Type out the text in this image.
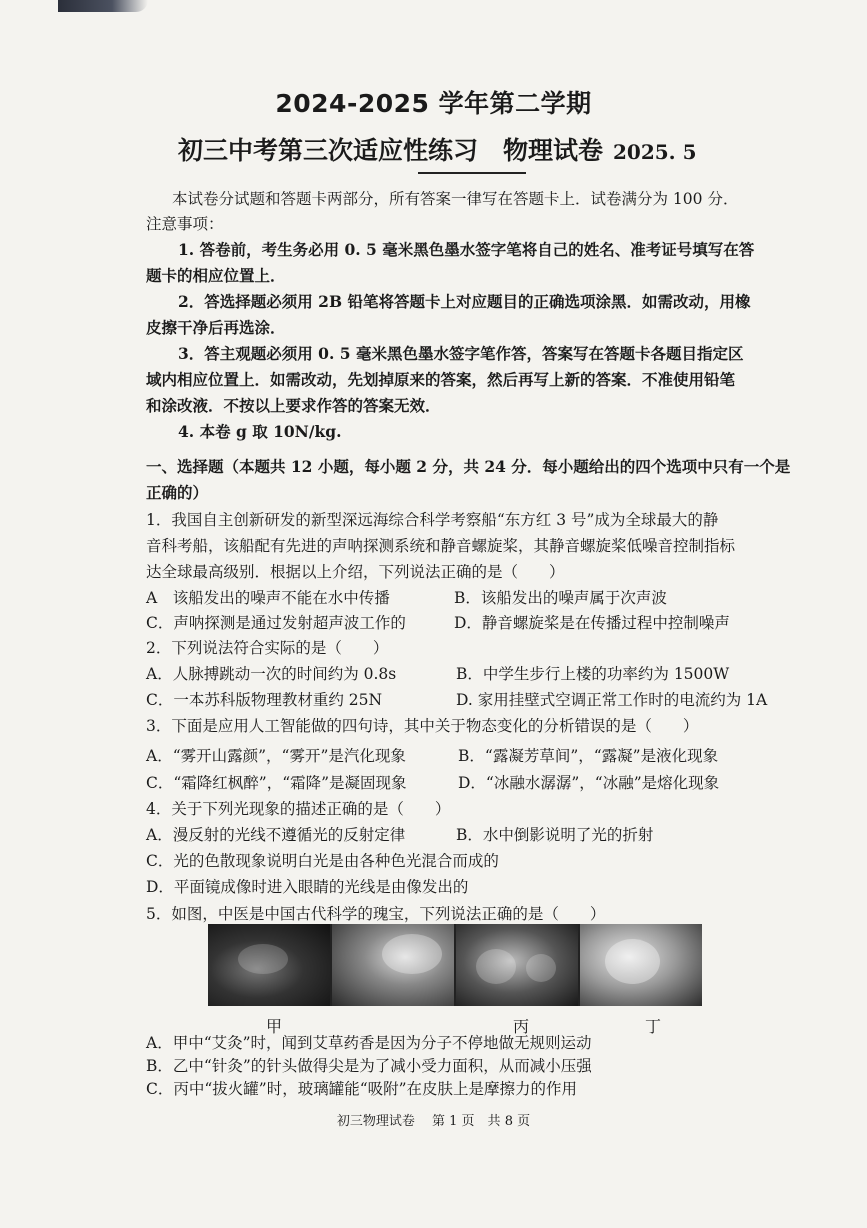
2024-2025 学年第二学期
初三中考第三次适应性练习　物理试卷 2025. 5
本试卷分试题和答题卡两部分，所有答案一律写在答题卡上．试卷满分为 100 分．
注意事项：
1. 答卷前，考生务必用 0. 5 毫米黑色墨水签字笔将自己的姓名、准考证号填写在答
题卡的相应位置上．
2．答选择题必须用 2B 铅笔将答题卡上对应题目的正确选项涂黑．如需改动，用橡
皮擦干净后再选涂．
3．答主观题必须用 0. 5 毫米黑色墨水签字笔作答，答案写在答题卡各题目指定区
域内相应位置上．如需改动，先划掉原来的答案，然后再写上新的答案．不准使用铅笔
和涂改液．不按以上要求作答的答案无效．
4. 本卷 g 取 10N/kg.
一、选择题（本题共 12 小题，每小题 2 分，共 24 分．每小题给出的四个选项中只有一个是
正确的）
1．我国自主创新研发的新型深远海综合科学考察船“东方红 3 号”成为全球最大的静
音科考船，该船配有先进的声呐探测系统和静音螺旋桨，其静音螺旋桨低噪音控制指标
达全球最高级别．根据以上介绍，下列说法正确的是（　　）
A　该船发出的噪声不能在水中传播	B．该船发出的噪声属于次声波
C．声呐探测是通过发射超声波工作的	D．静音螺旋桨是在传播过程中控制噪声
2．下列说法符合实际的是（　　）
A．人脉搏跳动一次的时间约为 0.8s	B．中学生步行上楼的功率约为 1500W
C．一本苏科版物理教材重约 25N	D. 家用挂壁式空调正常工作时的电流约为 1A
3．下面是应用人工智能做的四句诗，其中关于物态变化的分析错误的是（　　）
A．“雾开山露颜”，“雾开”是汽化现象	B．“露凝芳草间”，“露凝”是液化现象
C．“霜降红枫醉”，“霜降”是凝固现象	D．“冰融水潺潺”，“冰融”是熔化现象
4．关于下列光现象的描述正确的是（　　）
A．漫反射的光线不遵循光的反射定律	B．水中倒影说明了光的折射
C．光的色散现象说明白光是由各种色光混合而成的
D．平面镜成像时进入眼睛的光线是由像发出的
5．如图，中医是中国古代科学的瑰宝，下列说法正确的是（　　）
甲	丙	丁
A．甲中“艾灸”时，闻到艾草药香是因为分子不停地做无规则运动
B．乙中“针灸”的针头做得尖是为了减小受力面积，从而减小压强
C．丙中“拔火罐”时，玻璃罐能“吸附”在皮肤上是摩擦力的作用
初三物理试卷　 第 1 页　共 8 页
